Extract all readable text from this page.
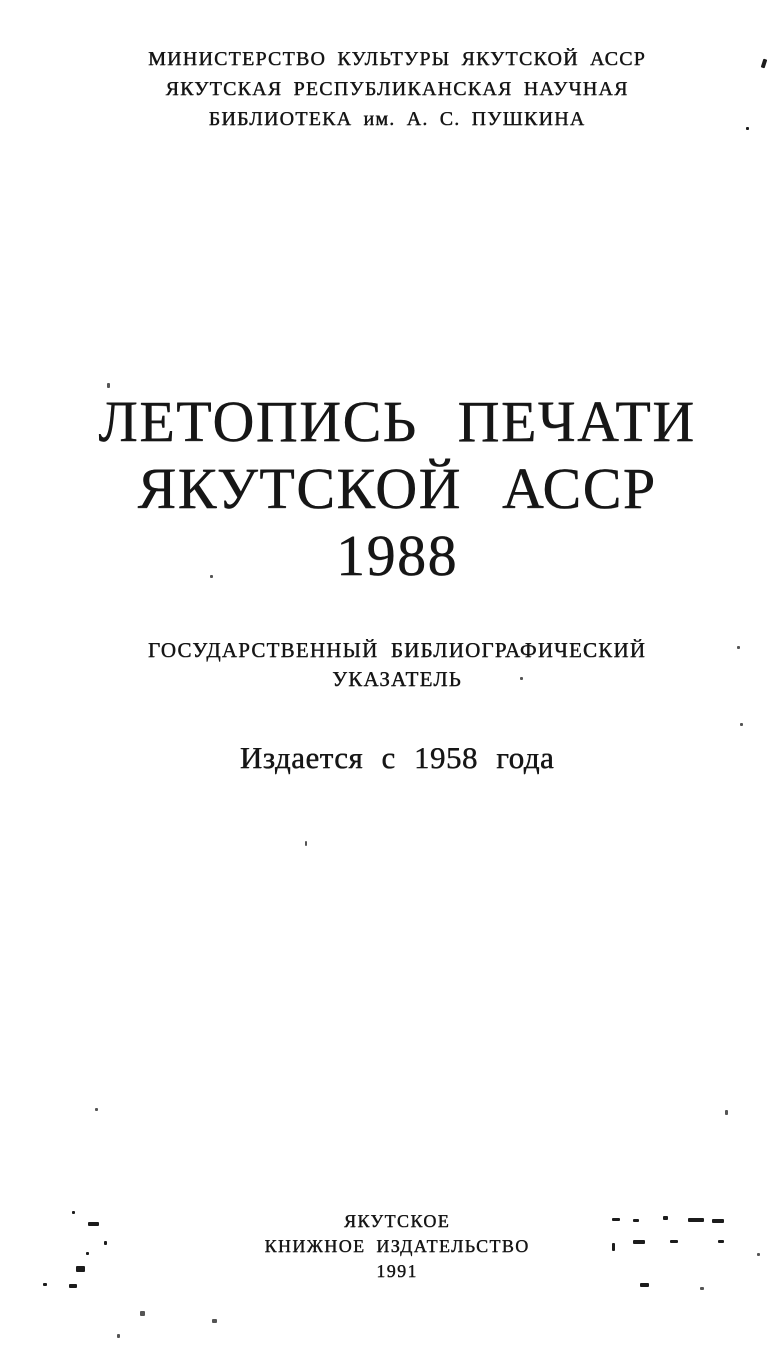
МИНИСТЕРСТВО КУЛЬТУРЫ ЯКУТСКОЙ АССР
ЯКУТСКАЯ РЕСПУБЛИКАНСКАЯ НАУЧНАЯ
БИБЛИОТЕКА им. А. С. ПУШКИНА
ЛЕТОПИСЬ ПЕЧАТИ
ЯКУТСКОЙ АССР
1988
ГОСУДАРСТВЕННЫЙ БИБЛИОГРАФИЧЕСКИЙ
УКАЗАТЕЛЬ
Издается с 1958 года
ЯКУТСКОЕ
КНИЖНОЕ ИЗДАТЕЛЬСТВО
1991
